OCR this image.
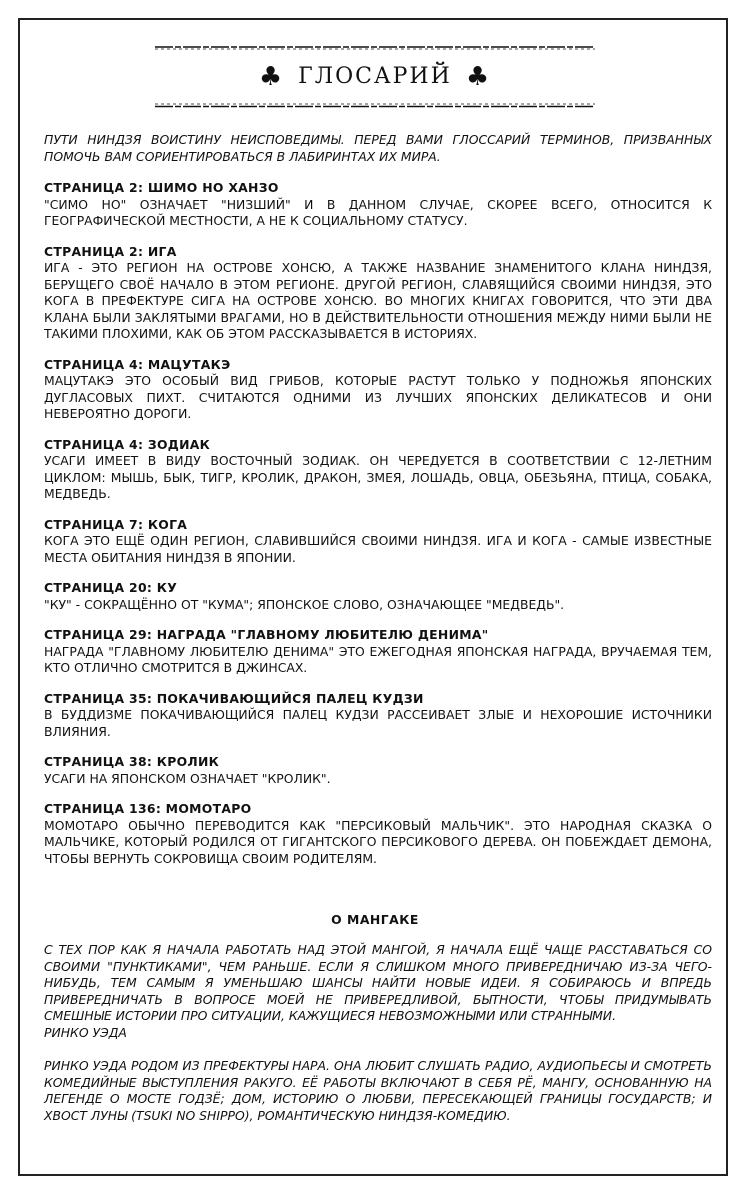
♣ ГЛОСАРИЙ ♣

ПУТИ НИНДЗЯ ВОИСТИНУ НЕИСПОВЕДИМЫ. ПЕРЕД ВАМИ ГЛОССАРИЙ ТЕРМИНОВ, ПРИЗВАННЫХ ПОМОЧЬ ВАМ СОРИЕНТИРОВАТЬСЯ В ЛАБИРИНТАХ ИХ МИРА.

СТРАНИЦА 2: ШИМО НО ХАНЗО
"СИМО НО" ОЗНАЧАЕТ "НИЗШИЙ" И В ДАННОМ СЛУЧАЕ, СКОРЕЕ ВСЕГО, ОТНОСИТСЯ К ГЕОГРАФИЧЕСКОЙ МЕСТНОСТИ, А НЕ К СОЦИАЛЬНОМУ СТАТУСУ.
СТРАНИЦА 2: ИГА
ИГА - ЭТО РЕГИОН НА ОСТРОВЕ ХОНСЮ, А ТАКЖЕ НАЗВАНИЕ ЗНАМЕНИТОГО КЛАНА НИНДЗЯ, БЕРУЩЕГО СВОЁ НАЧАЛО В ЭТОМ РЕГИОНЕ. ДРУГОЙ РЕГИОН, СЛАВЯЩИЙСЯ СВОИМИ НИНДЗЯ, ЭТО КОГА В ПРЕФЕКТУРЕ СИГА НА ОСТРОВЕ ХОНСЮ. ВО МНОГИХ КНИГАХ ГОВОРИТСЯ, ЧТО ЭТИ ДВА КЛАНА БЫЛИ ЗАКЛЯТЫМИ ВРАГАМИ, НО В ДЕЙСТВИТЕЛЬНОСТИ ОТНОШЕНИЯ МЕЖДУ НИМИ БЫЛИ НЕ ТАКИМИ ПЛОХИМИ, КАК ОБ ЭТОМ РАССКАЗЫВАЕТСЯ В ИСТОРИЯХ.
СТРАНИЦА 4: МАЦУТАКЭ
МАЦУТАКЭ ЭТО ОСОБЫЙ ВИД ГРИБОВ, КОТОРЫЕ РАСТУТ ТОЛЬКО У ПОДНОЖЬЯ ЯПОНСКИХ ДУГЛАСОВЫХ ПИХТ. СЧИТАЮТСЯ ОДНИМИ ИЗ ЛУЧШИХ ЯПОНСКИХ ДЕЛИКАТЕСОВ И ОНИ НЕВЕРОЯТНО ДОРОГИ.
СТРАНИЦА 4: ЗОДИАК
УСАГИ ИМЕЕТ В ВИДУ ВОСТОЧНЫЙ ЗОДИАК. ОН ЧЕРЕДУЕТСЯ В СООТВЕТСТВИИ С 12-ЛЕТНИМ ЦИКЛОМ: МЫШЬ, БЫК, ТИГР, КРОЛИК, ДРАКОН, ЗМЕЯ, ЛОШАДЬ, ОВЦА, ОБЕЗЬЯНА, ПТИЦА, СОБАКА, МЕДВЕДЬ.
СТРАНИЦА 7: КОГА
КОГА ЭТО ЕЩЁ ОДИН РЕГИОН, СЛАВИВШИЙСЯ СВОИМИ НИНДЗЯ. ИГА И КОГА - САМЫЕ ИЗВЕСТНЫЕ МЕСТА ОБИТАНИЯ НИНДЗЯ В ЯПОНИИ.
СТРАНИЦА 20: КУ
"КУ" - СОКРАЩЁННО ОТ "КУМА"; ЯПОНСКОЕ СЛОВО, ОЗНАЧАЮЩЕЕ "МЕДВЕДЬ".
СТРАНИЦА 29: НАГРАДА "ГЛАВНОМУ ЛЮБИТЕЛЮ ДЕНИМА"
НАГРАДА "ГЛАВНОМУ ЛЮБИТЕЛЮ ДЕНИМА" ЭТО ЕЖЕГОДНАЯ ЯПОНСКАЯ НАГРАДА, ВРУЧАЕМАЯ ТЕМ, КТО ОТЛИЧНО СМОТРИТСЯ В ДЖИНСАХ.
СТРАНИЦА 35: ПОКАЧИВАЮЩИЙСЯ ПАЛЕЦ КУДЗИ
В БУДДИЗМЕ ПОКАЧИВАЮЩИЙСЯ ПАЛЕЦ КУДЗИ РАССЕИВАЕТ ЗЛЫЕ И НЕХОРОШИЕ ИСТОЧНИКИ ВЛИЯНИЯ.
СТРАНИЦА 38: КРОЛИК
УСАГИ НА ЯПОНСКОМ ОЗНАЧАЕТ "КРОЛИК".
СТРАНИЦА 136: МОМОТАРО
МОМОТАРО ОБЫЧНО ПЕРЕВОДИТСЯ КАК "ПЕРСИКОВЫЙ МАЛЬЧИК". ЭТО НАРОДНАЯ СКАЗКА О МАЛЬЧИКЕ, КОТОРЫЙ РОДИЛСЯ ОТ ГИГАНТСКОГО ПЕРСИКОВОГО ДЕРЕВА. ОН ПОБЕЖДАЕТ ДЕМОНА, ЧТОБЫ ВЕРНУТЬ СОКРОВИЩА СВОИМ РОДИТЕЛЯМ.
О МАНГАКЕ

С ТЕХ ПОР КАК Я НАЧАЛА РАБОТАТЬ НАД ЭТОЙ МАНГОЙ, Я НАЧАЛА ЕЩЁ ЧАЩЕ РАССТАВАТЬСЯ СО СВОИМИ "ПУНКТИКАМИ", ЧЕМ РАНЬШЕ. ЕСЛИ Я СЛИШКОМ МНОГО ПРИВЕРЕДНИЧАЮ ИЗ-ЗА ЧЕГО-НИБУДЬ, ТЕМ САМЫМ Я УМЕНЬШАЮ ШАНСЫ НАЙТИ НОВЫЕ ИДЕИ. Я СОБИРАЮСЬ И ВПРЕДЬ ПРИВЕРЕДНИЧАТЬ В ВОПРОСЕ МОЕЙ НЕ ПРИВЕРЕДЛИВОЙ, БЫТНОСТИ, ЧТОБЫ ПРИДУМЫВАТЬ СМЕШНЫЕ ИСТОРИИ ПРО СИТУАЦИИ, КАЖУЩИЕСЯ НЕВОЗМОЖНЫМИ ИЛИ СТРАННЫМИ.

РИНКО УЭДА

РИНКО УЭДА РОДОМ ИЗ ПРЕФЕКТУРЫ НАРА. ОНА ЛЮБИТ СЛУШАТЬ РАДИО, АУДИОПЬЕСЫ И СМОТРЕТЬ КОМЕДИЙНЫЕ ВЫСТУПЛЕНИЯ РАКУГО. ЕЁ РАБОТЫ ВКЛЮЧАЮТ В СЕБЯ РЁ, МАНГУ, ОСНОВАННУЮ НА ЛЕГЕНДЕ О МОСТЕ ГОДЗЁ; ДОМ, ИСТОРИЮ О ЛЮБВИ, ПЕРЕСЕКАЮЩЕЙ ГРАНИЦЫ ГОСУДАРСТВ; И ХВОСТ ЛУНЫ (TSUKI NO SHIPPO), РОМАНТИЧЕСКУЮ НИНДЗЯ-КОМЕДИЮ.
